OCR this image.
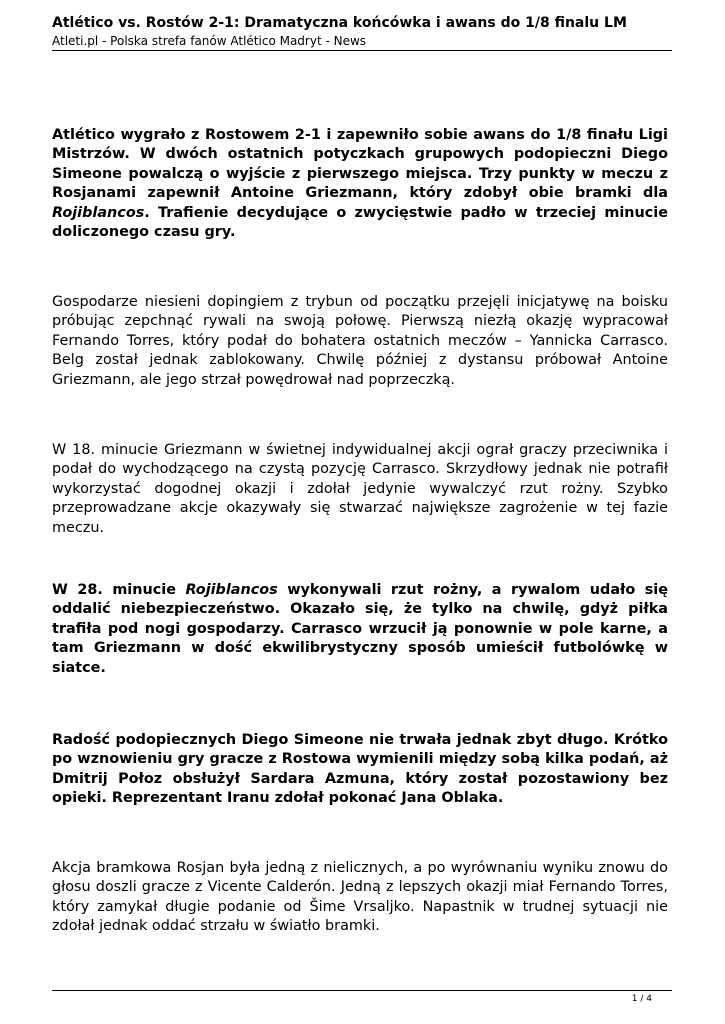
Atlético vs. Rostów 2-1: Dramatyczna końcówka i awans do 1/8 finalu LM
Atleti.pl - Polska strefa fanów Atlético Madryt - News

Atlético wygrało z Rostowem 2-1 i zapewniło sobie awans do 1/8 finału Ligi Mistrzów. W dwóch ostatnich potyczkach grupowych podopieczni Diego Simeone powalczą o wyjście z pierwszego miejsca. Trzy punkty w meczu z Rosjanami zapewnił Antoine Griezmann, który zdobył obie bramki dla Rojiblancos. Trafienie decydujące o zwycięstwie padło w trzeciej minucie doliczonego czasu gry.

Gospodarze niesieni dopingiem z trybun od początku przejęli inicjatywę na boisku próbując zepchnąć rywali na swoją połowę. Pierwszą niezłą okazję wypracował Fernando Torres, który podał do bohatera ostatnich meczów – Yannicka Carrasco. Belg został jednak zablokowany. Chwilę później z dystansu próbował Antoine Griezmann, ale jego strzał powędrował nad poprzeczką.

W 18. minucie Griezmann w świetnej indywidualnej akcji ograł graczy przeciwnika i podał do wychodzącego na czystą pozycję Carrasco. Skrzydłowy jednak nie potrafił wykorzystać dogodnej okazji i zdołał jedynie wywalczyć rzut rożny. Szybko przeprowadzane akcje okazywały się stwarzać największe zagrożenie w tej fazie meczu.

W 28. minucie Rojiblancos wykonywali rzut rożny, a rywalom udało się oddalić niebezpieczeństwo. Okazało się, że tylko na chwilę, gdyż piłka trafiła pod nogi gospodarzy. Carrasco wrzucił ją ponownie w pole karne, a tam Griezmann w dość ekwilibrystyczny sposób umieścił futbolówkę w siatce.

Radość podopiecznych Diego Simeone nie trwała jednak zbyt długo. Krótko po wznowieniu gry gracze z Rostowa wymienili między sobą kilka podań, aż Dmitrij Połoz obsłużył Sardara Azmuna, który został pozostawiony bez opieki. Reprezentant Iranu zdołał pokonać Jana Oblaka.

Akcja bramkowa Rosjan była jedną z nielicznych, a po wyrównaniu wyniku znowu do głosu doszli gracze z Vicente Calderón. Jedną z lepszych okazji miał Fernando Torres, który zamykał długie podanie od Šime Vrsaljko. Napastnik w trudnej sytuacji nie zdołał jednak oddać strzału w światło bramki.

1 / 4
